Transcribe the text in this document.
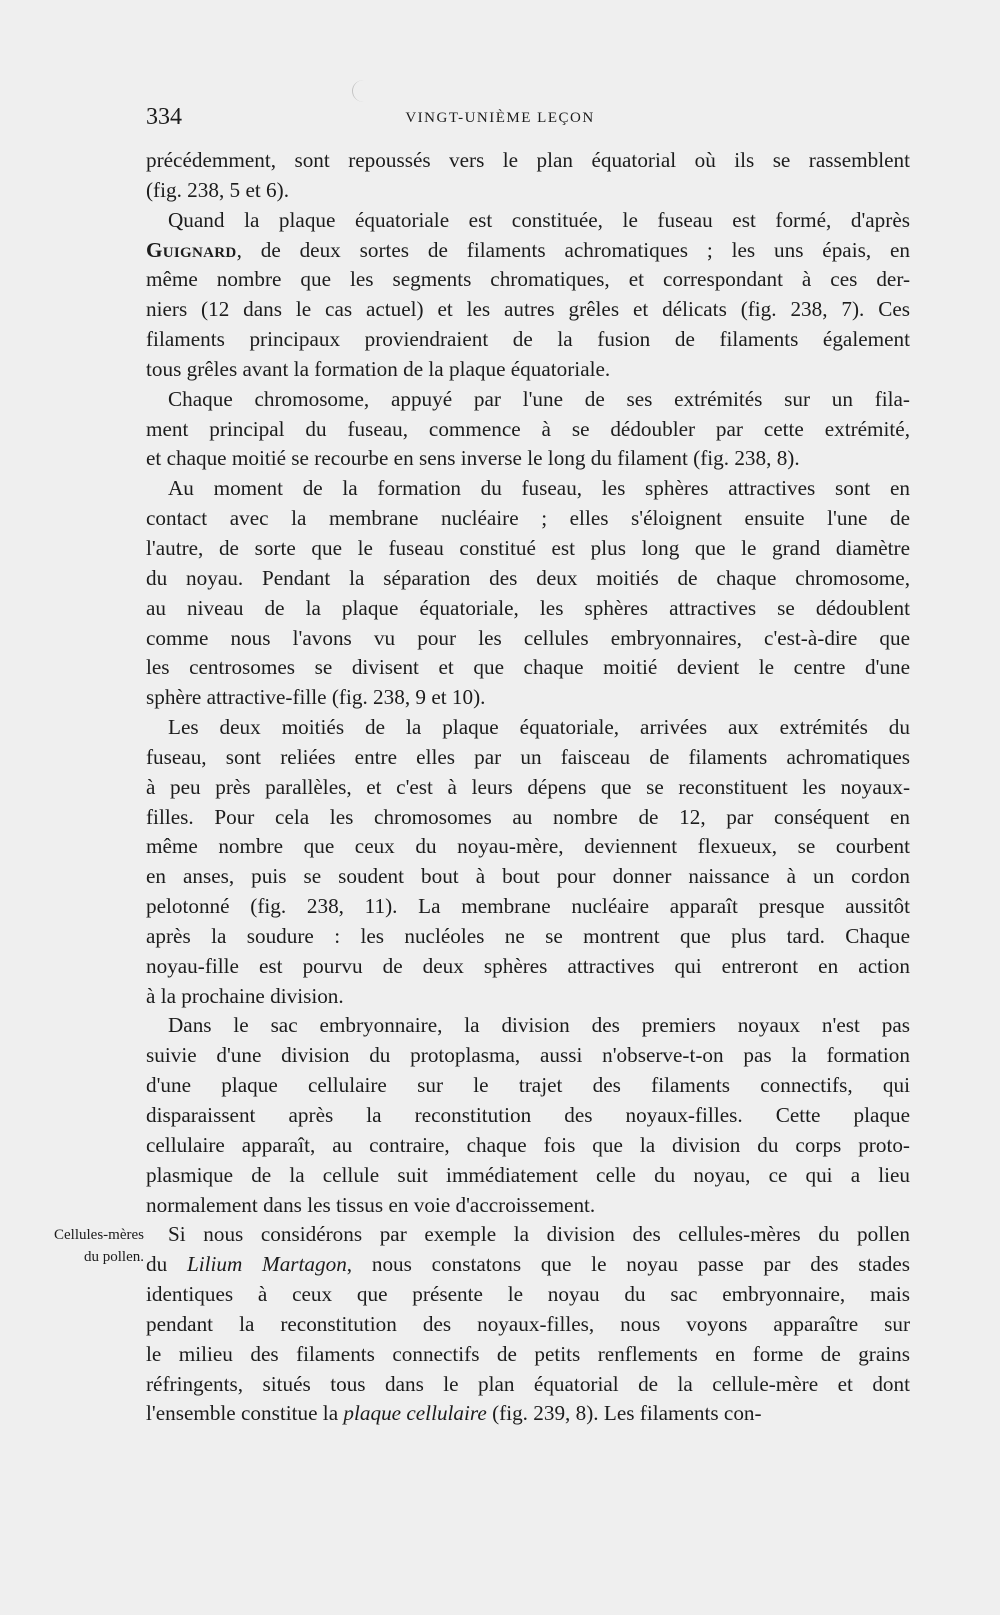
334	VINGT-UNIÈME LEÇON
Cellules-mères
du pollen.
précédemment, sont repoussés vers le plan équatorial où ils se rassemblent
(fig. 238, 5 et 6).
Quand la plaque équatoriale est constituée, le fuseau est formé, d'après
Guignard, de deux sortes de filaments achromatiques ; les uns épais, en
même nombre que les segments chromatiques, et correspondant à ces der-
niers (12 dans le cas actuel) et les autres grêles et délicats (fig. 238, 7). Ces
filaments principaux proviendraient de la fusion de filaments également
tous grêles avant la formation de la plaque équatoriale.
Chaque chromosome, appuyé par l'une de ses extrémités sur un fila-
ment principal du fuseau, commence à se dédoubler par cette extrémité,
et chaque moitié se recourbe en sens inverse le long du filament (fig. 238, 8).
Au moment de la formation du fuseau, les sphères attractives sont en
contact avec la membrane nucléaire ; elles s'éloignent ensuite l'une de
l'autre, de sorte que le fuseau constitué est plus long que le grand diamètre
du noyau. Pendant la séparation des deux moitiés de chaque chromosome,
au niveau de la plaque équatoriale, les sphères attractives se dédoublent
comme nous l'avons vu pour les cellules embryonnaires, c'est-à-dire que
les centrosomes se divisent et que chaque moitié devient le centre d'une
sphère attractive-fille (fig. 238, 9 et 10).
Les deux moitiés de la plaque équatoriale, arrivées aux extrémités du
fuseau, sont reliées entre elles par un faisceau de filaments achromatiques
à peu près parallèles, et c'est à leurs dépens que se reconstituent les noyaux-
filles. Pour cela les chromosomes au nombre de 12, par conséquent en
même nombre que ceux du noyau-mère, deviennent flexueux, se courbent
en anses, puis se soudent bout à bout pour donner naissance à un cordon
pelotonné (fig. 238, 11). La membrane nucléaire apparaît presque aussitôt
après la soudure : les nucléoles ne se montrent que plus tard. Chaque
noyau-fille est pourvu de deux sphères attractives qui entreront en action
à la prochaine division.
Dans le sac embryonnaire, la division des premiers noyaux n'est pas
suivie d'une division du protoplasma, aussi n'observe-t-on pas la formation
d'une plaque cellulaire sur le trajet des filaments connectifs, qui
disparaissent après la reconstitution des noyaux-filles. Cette plaque
cellulaire apparaît, au contraire, chaque fois que la division du corps proto-
plasmique de la cellule suit immédiatement celle du noyau, ce qui a lieu
normalement dans les tissus en voie d'accroissement.
Si nous considérons par exemple la division des cellules-mères du pollen
du Lilium Martagon, nous constatons que le noyau passe par des stades
identiques à ceux que présente le noyau du sac embryonnaire, mais
pendant la reconstitution des noyaux-filles, nous voyons apparaître sur
le milieu des filaments connectifs de petits renflements en forme de grains
réfringents, situés tous dans le plan équatorial de la cellule-mère et dont
l'ensemble constitue la plaque cellulaire (fig. 239, 8). Les filaments con-
